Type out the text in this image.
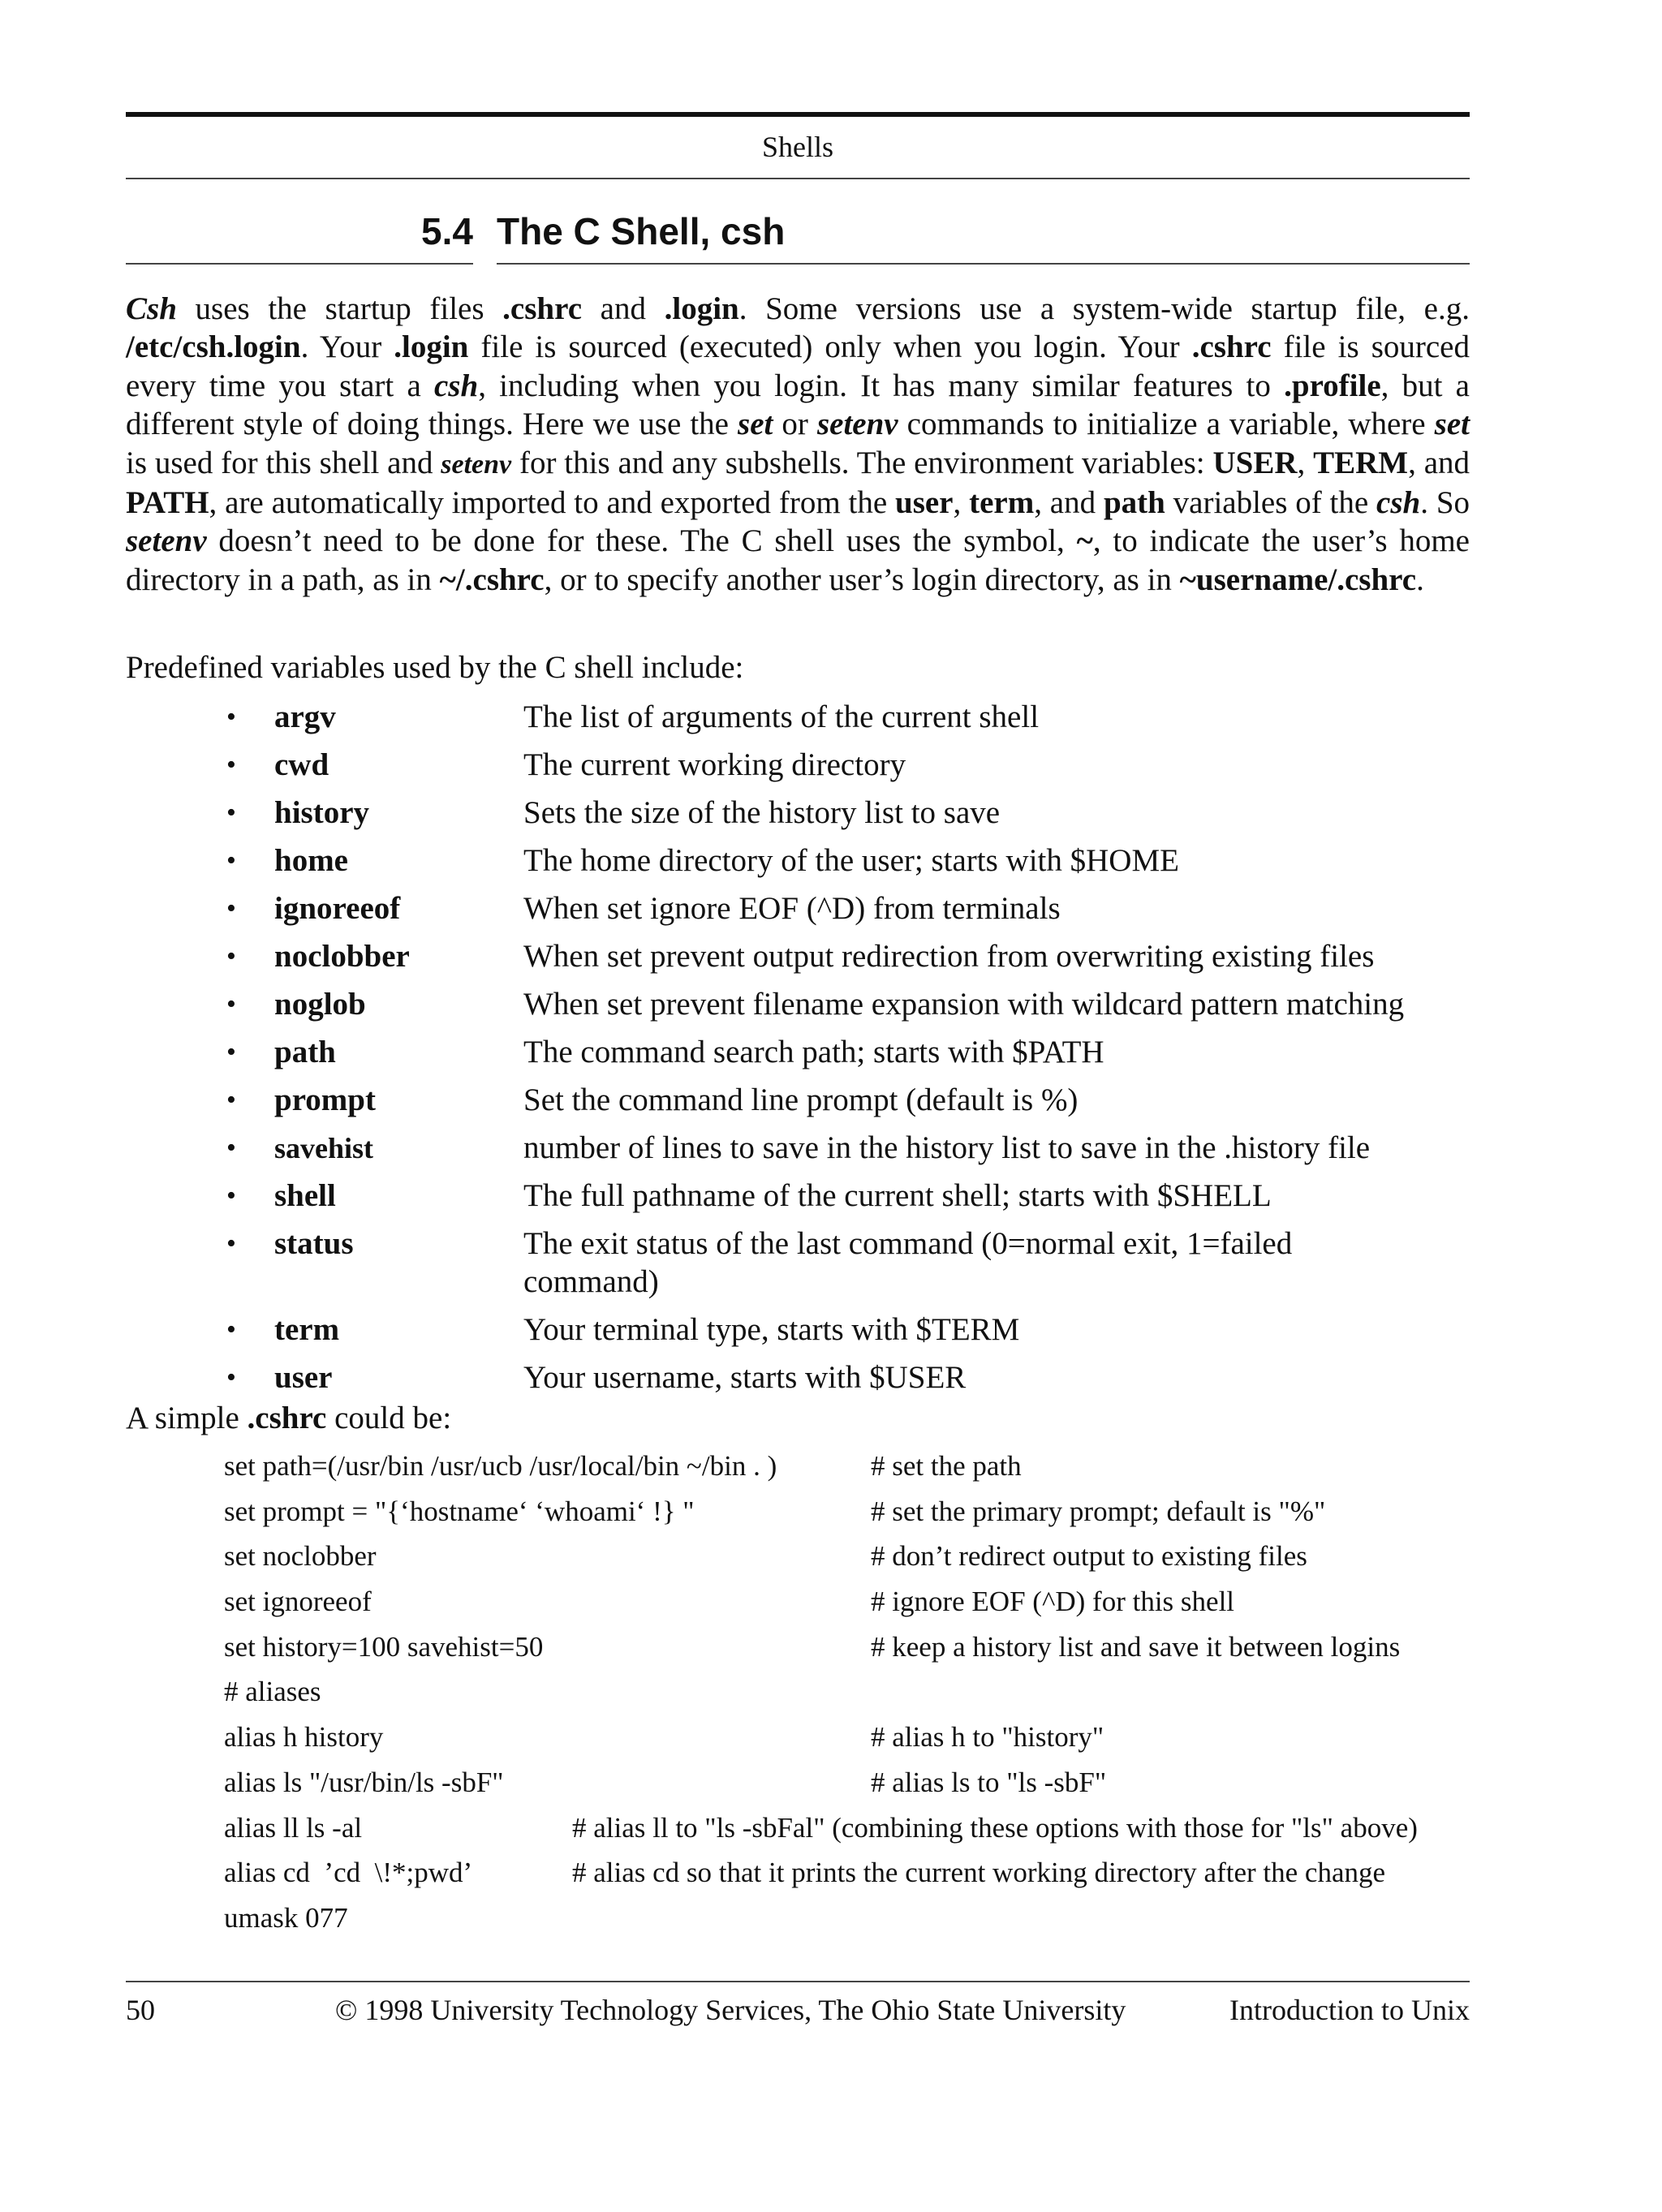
Shells
5.4 The C Shell, csh

Csh uses the startup files .cshrc and .login. Some versions use a system-wide startup file, e.g. /etc/csh.login. Your .login file is sourced (executed) only when you login. Your .cshrc file is sourced every time you start a csh, including when you login. It has many similar features to .profile, but a different style of doing things. Here we use the set or setenv commands to initialize a variable, where set is used for this shell and setenv for this and any subshells. The environment variables: USER, TERM, and PATH, are automatically imported to and exported from the user, term, and path variables of the csh. So setenv doesn’t need to be done for these. The C shell uses the symbol, ~, to indicate the user’s home directory in a path, as in ~/.cshrc, or to specify another user’s login directory, as in ~username/.cshrc.

Predefined variables used by the C shell include:
• argv	The list of arguments of the current shell
• cwd	The current working directory
• history	Sets the size of the history list to save
• home	The home directory of the user; starts with $HOME
• ignoreeof	When set ignore EOF (^D) from terminals
• noclobber	When set prevent output redirection from overwriting existing files
• noglob	When set prevent filename expansion with wildcard pattern matching
• path	The command search path; starts with $PATH
• prompt	Set the command line prompt (default is %)
• savehist	number of lines to save in the history list to save in the .history file
• shell	The full pathname of the current shell; starts with $SHELL
• status	The exit status of the last command (0=normal exit, 1=failed command)
• term	Your terminal type, starts with $TERM
• user	Your username, starts with $USER
A simple .cshrc could be:
set path=(/usr/bin /usr/ucb /usr/local/bin ~/bin . )	# set the path
set prompt = "{‘hostname‘ ‘whoami‘ !} "	# set the primary prompt; default is "%"
set noclobber	# don’t redirect output to existing files
set ignoreeof	# ignore EOF (^D) for this shell
set history=100 savehist=50	# keep a history list and save it between logins
# aliases
alias h history	# alias h to "history"
alias ls "/usr/bin/ls -sbF"	# alias ls to "ls -sbF"
alias ll ls -al	# alias ll to "ls -sbFal" (combining these options with those for "ls" above)
alias cd  ’cd  \!*;pwd’	# alias cd so that it prints the current working directory after the change
umask 077
50	© 1998 University Technology Services, The Ohio State University	Introduction to Unix
